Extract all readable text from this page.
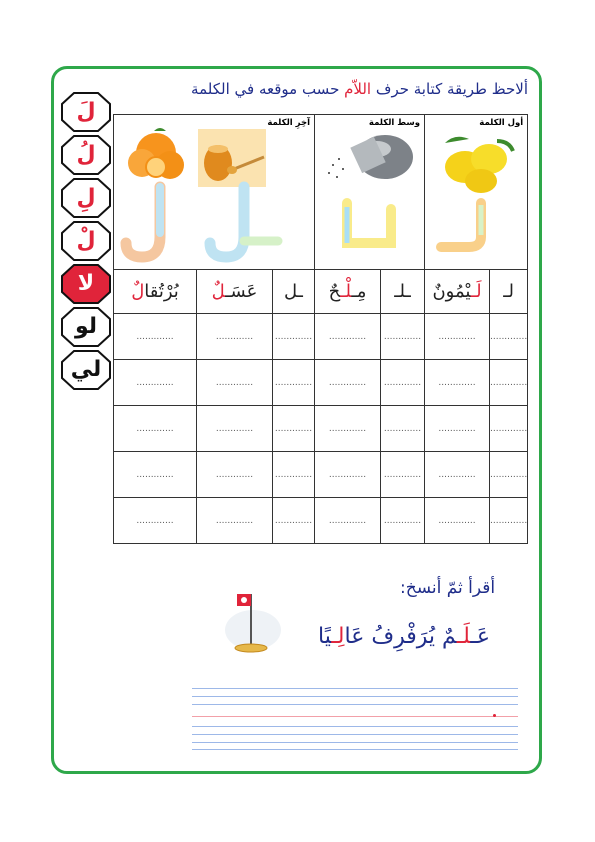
ألاحظ طريقة كتابة حرف اللاّم حسب موقعه في الكلمة
لَ
لُ
لِ
لْ
لا
لو
لي
آخِرِ الكلمة			وسط الكلمة		أول الكلمة	

بُرْتُقالٌ	عَسَـلٌ	ـل	مِـلْـحٌ	ـلـ	لَـيْمُونٌ	لـ
.............	.............	.............	.............	.............	.............	.............
.............	.............	.............	.............	.............	.............	.............
.............	.............	.............	.............	.............	.............	.............
.............	.............	.............	.............	.............	.............	.............
.............	.............	.............	.............	.............	.............	.............
أقرأ ثمّ أنسخ:
عَـلَـمٌ يُرَفْرِفُ عَالِـيًا
